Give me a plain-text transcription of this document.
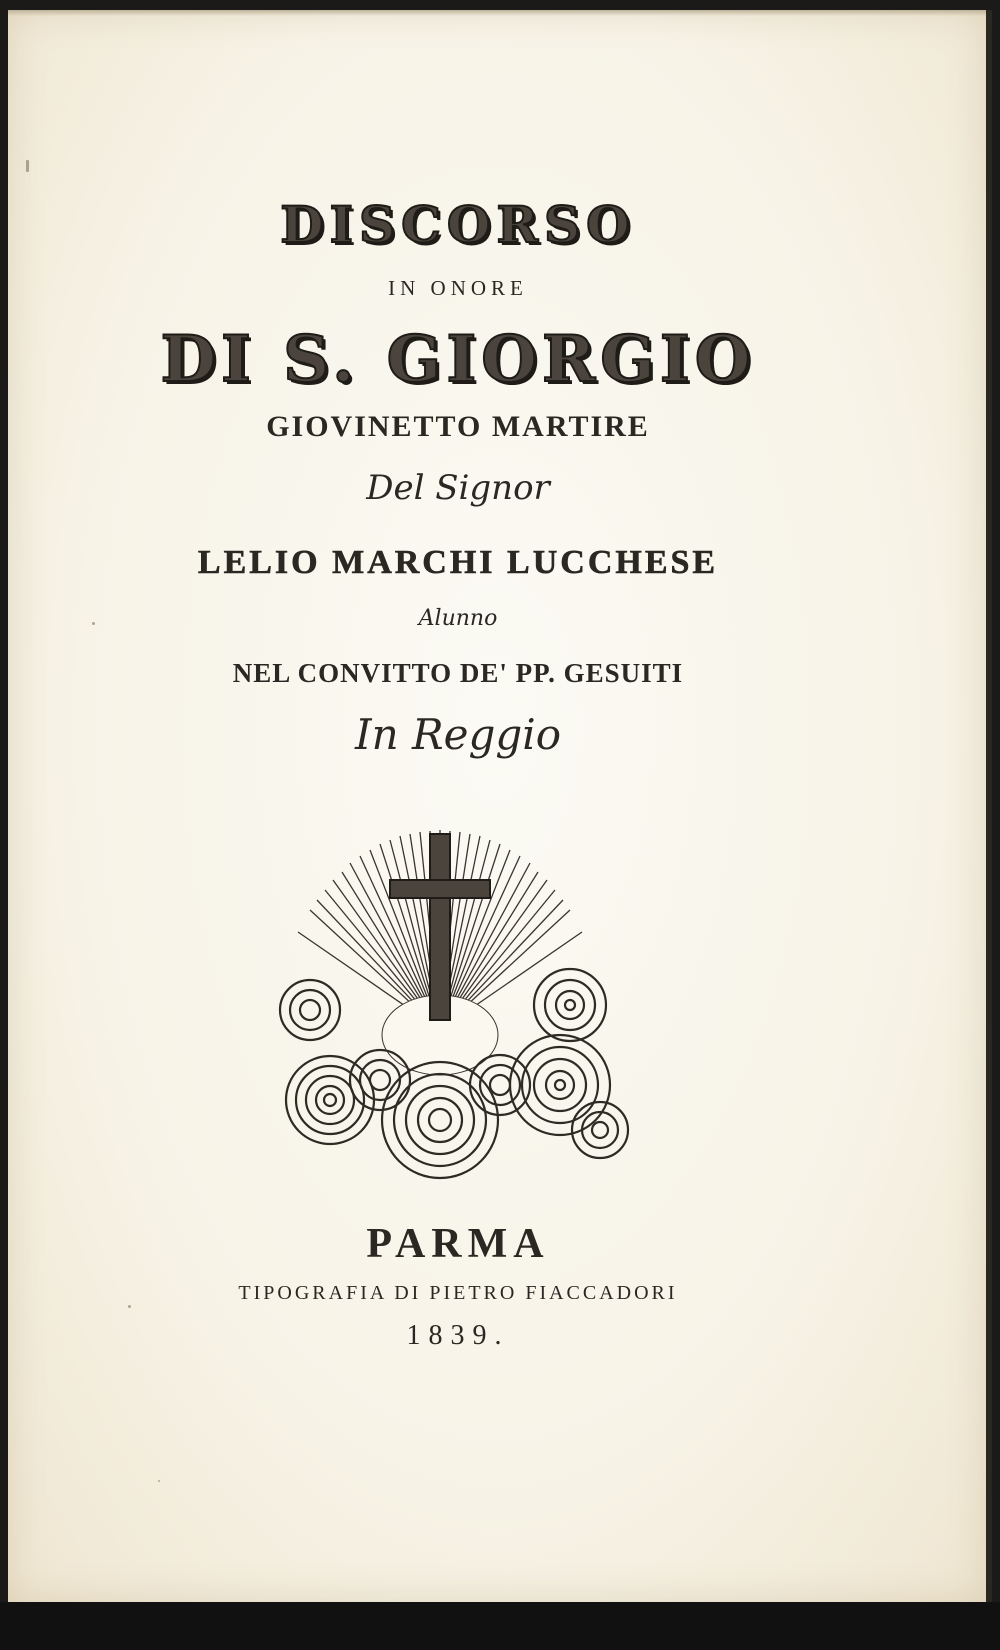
DISCORSO
IN ONORE
DI S. GIORGIO
GIOVINETTO MARTIRE
Del Signor
LELIO MARCHI LUCCHESE
Alunno
NEL CONVITTO DE' PP. GESUITI
In Reggio
PARMA
TIPOGRAFIA DI PIETRO FIACCADORI
1839.
